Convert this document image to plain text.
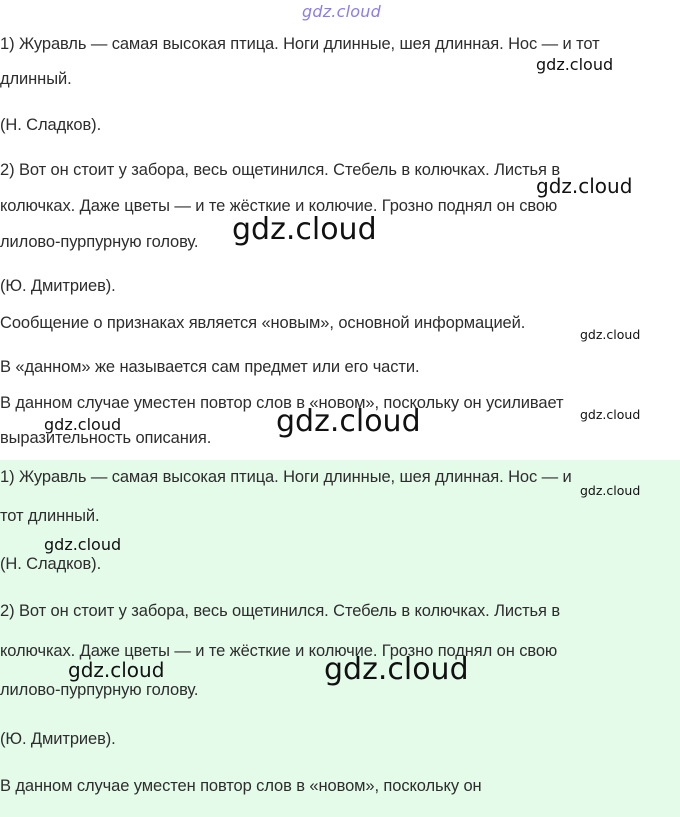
gdz.cloud
1) Журавль — самая высокая птица. Ноги длинные, шея длинная. Нос — и тот
длинный.
(Н. Сладков).
2) Вот он стоит у забора, весь ощетинился. Стебель в колючках. Листья в
колючках. Даже цветы — и те жёсткие и колючие. Грозно поднял он свою
лилово-пурпурную голову.
(Ю. Дмитриев).
Сообщение о признаках является «новым», основной информацией.
В «данном» же называется сам предмет или его части.
В данном случае уместен повтор слов в «новом», поскольку он усиливает
выразительность описания.
1) Журавль — самая высокая птица. Ноги длинные, шея длинная. Нос — и
тот длинный.
(Н. Сладков).
2) Вот он стоит у забора, весь ощетинился. Стебель в колючках. Листья в
колючках. Даже цветы — и те жёсткие и колючие. Грозно поднял он свою
лилово-пурпурную голову.
(Ю. Дмитриев).
В данном случае уместен повтор слов в «новом», поскольку он
gdz.cloud
gdz.cloud
gdz.cloud
gdz.cloud
gdz.cloud
gdz.cloud	gdz.cloud
gdz.cloud
gdz.cloud
gdz.cloud	gdz.cloud
